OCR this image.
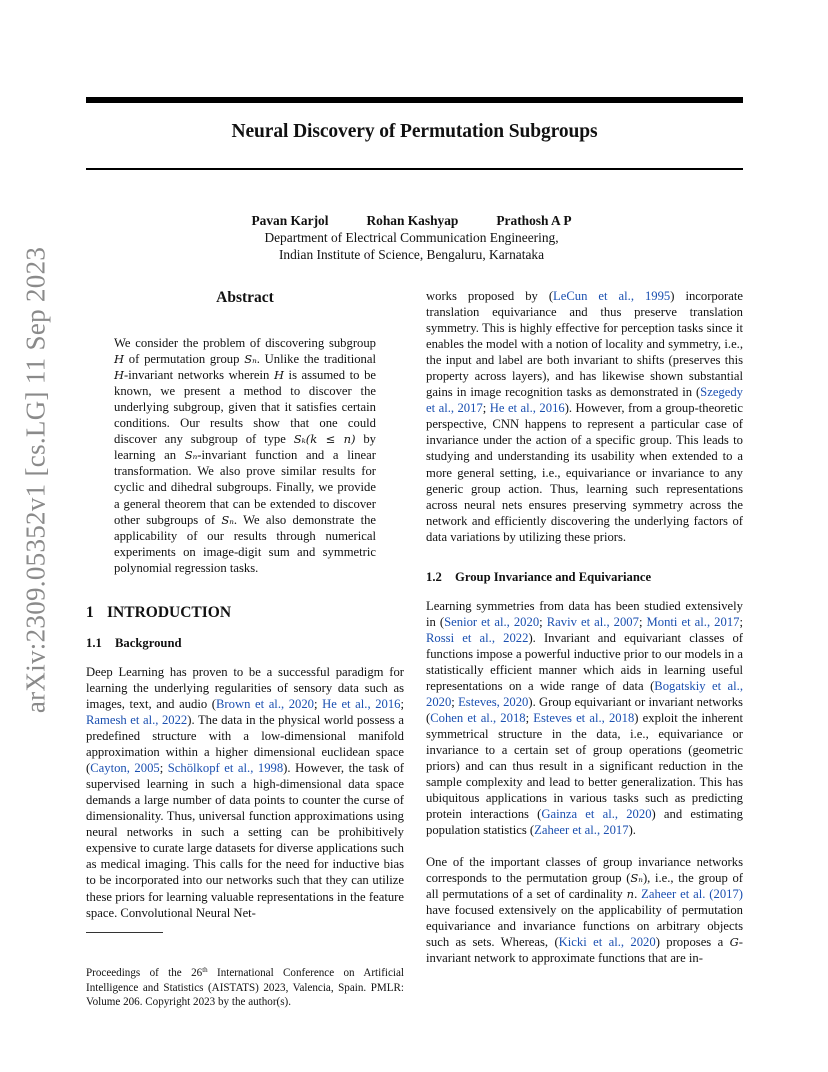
Neural Discovery of Permutation Subgroups
Pavan Karjol	Rohan Kashyap	Prathosh A P
Department of Electrical Communication Engineering,
Indian Institute of Science, Bengaluru, Karnataka
arXiv:2309.05352v1 [cs.LG] 11 Sep 2023	Abstract

We consider the problem of discovering subgroup H of permutation group Sₙ. Unlike the traditional H-invariant networks wherein H is assumed to be known, we present a method to discover the underlying subgroup, given that it satisfies certain conditions. Our results show that one could discover any subgroup of type Sₖ(k ≤ n) by learning an Sₙ-invariant function and a linear transformation. We also prove similar results for cyclic and dihedral subgroups. Finally, we provide a general theorem that can be extended to discover other subgroups of Sₙ. We also demonstrate the applicability of our results through numerical experiments on image-digit sum and symmetric polynomial regression tasks.

1 INTRODUCTION
1.1 Background

Deep Learning has proven to be a successful paradigm for learning the underlying regularities of sensory data such as images, text, and audio (Brown et al., 2020; He et al., 2016; Ramesh et al., 2022). The data in the physical world possess a predefined structure with a low-dimensional manifold approximation within a higher dimensional euclidean space (Cayton, 2005; Schölkopf et al., 1998). However, the task of supervised learning in such a high-dimensional data space demands a large number of data points to counter the curse of dimensionality. Thus, universal function approximations using neural networks in such a setting can be prohibitively expensive to curate large datasets for diverse applications such as medical imaging. This calls for the need for inductive bias to be incorporated into our networks such that they can utilize these priors for learning valuable representations in the feature space. Convolutional Neural Net-

Proceedings of the 26th International Conference on Artificial Intelligence and Statistics (AISTATS) 2023, Valencia, Spain. PMLR: Volume 206. Copyright 2023 by the author(s).

works proposed by (LeCun et al., 1995) incorporate translation equivariance and thus preserve translation symmetry. This is highly effective for perception tasks since it enables the model with a notion of locality and symmetry, i.e., the input and label are both invariant to shifts (preserves this property across layers), and has likewise shown substantial gains in image recognition tasks as demonstrated in (Szegedy et al., 2017; He et al., 2016). However, from a group-theoretic perspective, CNN happens to represent a particular case of invariance under the action of a specific group. This leads to studying and understanding its usability when extended to a more general setting, i.e., equivariance or invariance to any generic group action. Thus, learning such representations across neural nets ensures preserving symmetry across the network and efficiently discovering the underlying factors of data variations by utilizing these priors.

1.2 Group Invariance and Equivariance

Learning symmetries from data has been studied extensively in (Senior et al., 2020; Raviv et al., 2007; Monti et al., 2017; Rossi et al., 2022). Invariant and equivariant classes of functions impose a powerful inductive prior to our models in a statistically efficient manner which aids in learning useful representations on a wide range of data (Bogatskiy et al., 2020; Esteves, 2020). Group equivariant or invariant networks (Cohen et al., 2018; Esteves et al., 2018) exploit the inherent symmetrical structure in the data, i.e., equivariance or invariance to a certain set of group operations (geometric priors) and can thus result in a significant reduction in the sample complexity and lead to better generalization. This has ubiquitous applications in various tasks such as predicting protein interactions (Gainza et al., 2020) and estimating population statistics (Zaheer et al., 2017).

One of the important classes of group invariance networks corresponds to the permutation group (Sₙ), i.e., the group of all permutations of a set of cardinality n. Zaheer et al. (2017) have focused extensively on the applicability of permutation equivariance and invariance functions on arbitrary objects such as sets. Whereas, (Kicki et al., 2020) proposes a G-invariant network to approximate functions that are in-
